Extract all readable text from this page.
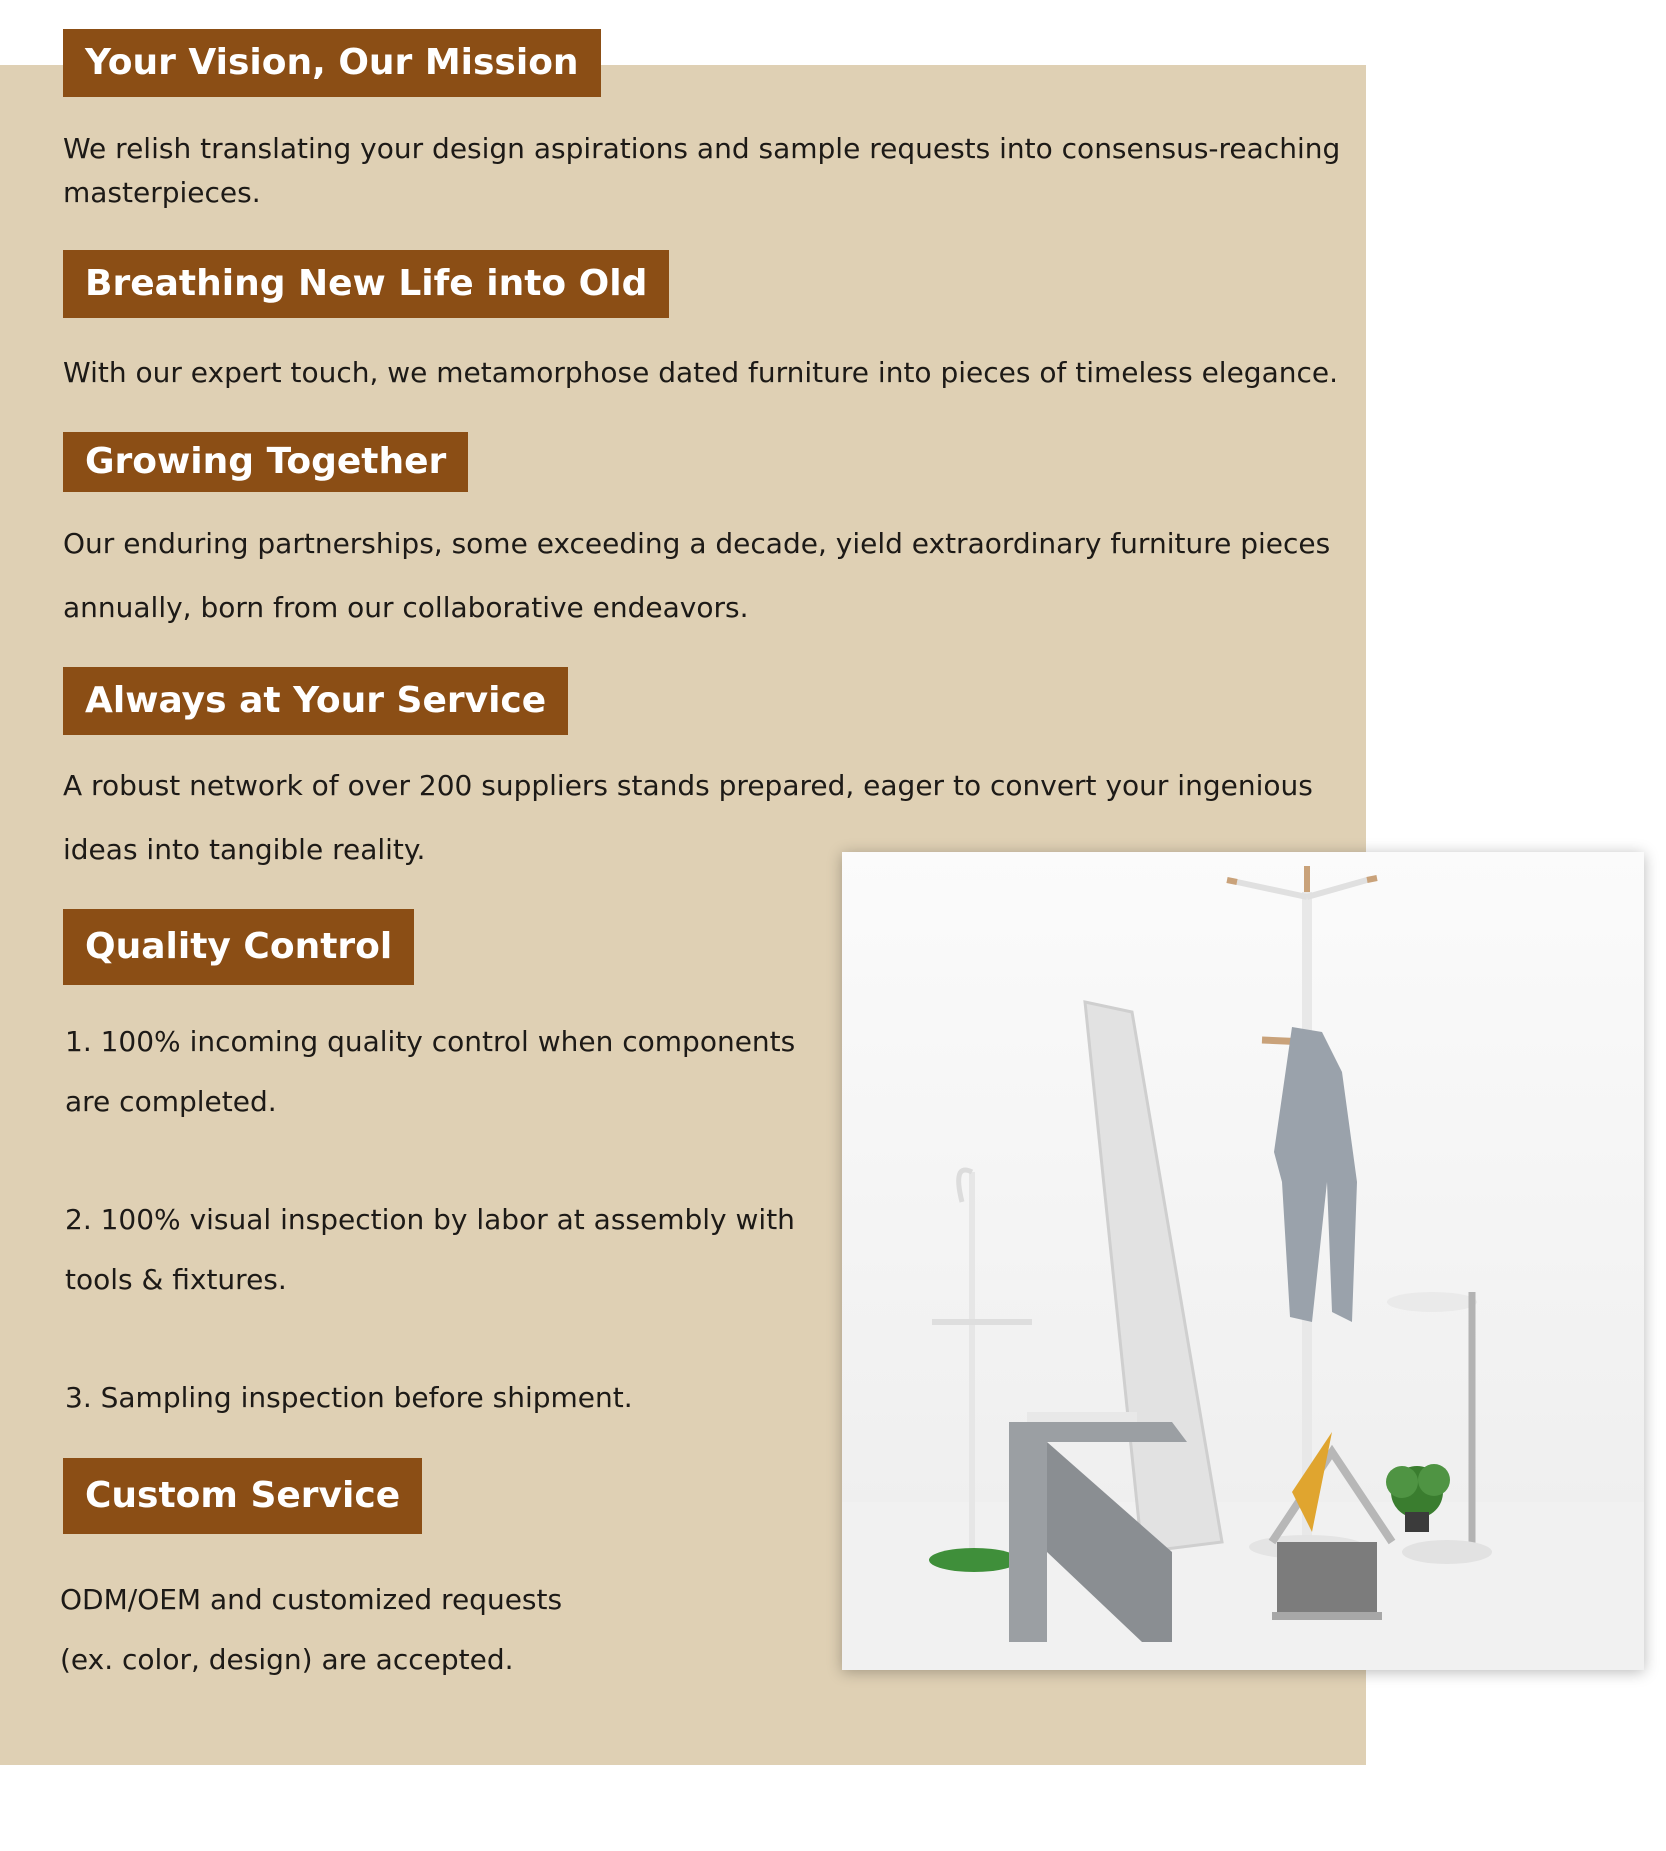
Your Vision, Our Mission
We relish translating your design aspirations and sample requests into consensus-reaching masterpieces.
Breathing New Life into Old
With our expert touch, we metamorphose dated furniture into pieces of timeless elegance.
Growing Together
Our enduring partnerships, some exceeding a decade, yield extraordinary furniture pieces annually, born from our collaborative endeavors.
Always at Your Service
A robust network of over 200 suppliers stands prepared, eager to convert your ingenious ideas into tangible reality.
Quality Control
1. 100% incoming quality control when components are completed.
2. 100% visual inspection by labor at assembly with tools & fixtures.
3. Sampling inspection before shipment.
Custom Service
ODM/OEM and customized requests (ex. color, design) are accepted.
